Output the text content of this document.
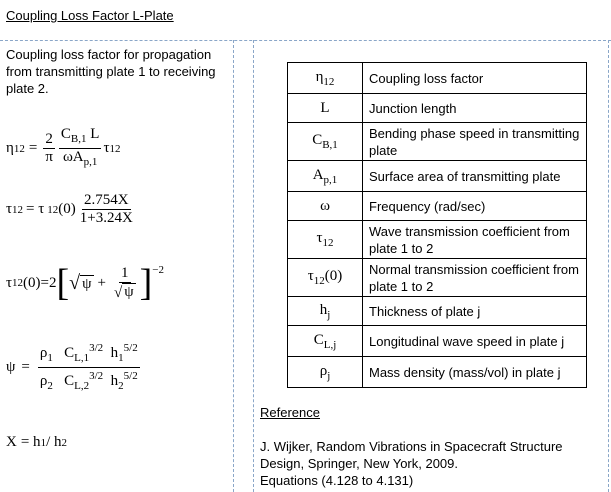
Coupling Loss Factor L-Plate
Coupling loss factor for propagation from transmitting plate 1 to receiving plate 2.
η $12 = \frac{2}{\pi} \frac{C_{B,1} L}{\omega A_{p,1}}$ τ 12
τ 12 = τ 12 $(0) \frac{2.754X}{1+3.24X}$
τ 12 (0)=2 [ √ $\psi + \frac{1}{√ \psi} ]^{-2}$
$\psi = \frac{\rho_1 C_{L,1}^{3/2} h_1^{5/2}}{\rho_2 C_{L,2}^{3/2} h_2^{5/2}}$
X = h 1 / h 2
$\eta_{12}$	Coupling loss factor
L	Junction length
$C_{B,1}$	Bending phase speed in transmitting plate
$A_{p,1}$	Surface area of transmitting plate
ω	Frequency (rad/sec)
$\tau_{12}$	Wave transmission coefficient from plate 1 to 2
$\tau_{12}(0)$	Normal transmission coefficient from plate 1 to 2
$h_j$	Thickness of plate j
$C_{L,j}$	Longitudinal wave speed in plate j
$\rho_j$	Mass density (mass/vol) in plate j
Reference
J. Wijker, Random Vibrations in Spacecraft Structure
Design, Springer, New York, 2009.
Equations (4.128 to 4.131)
